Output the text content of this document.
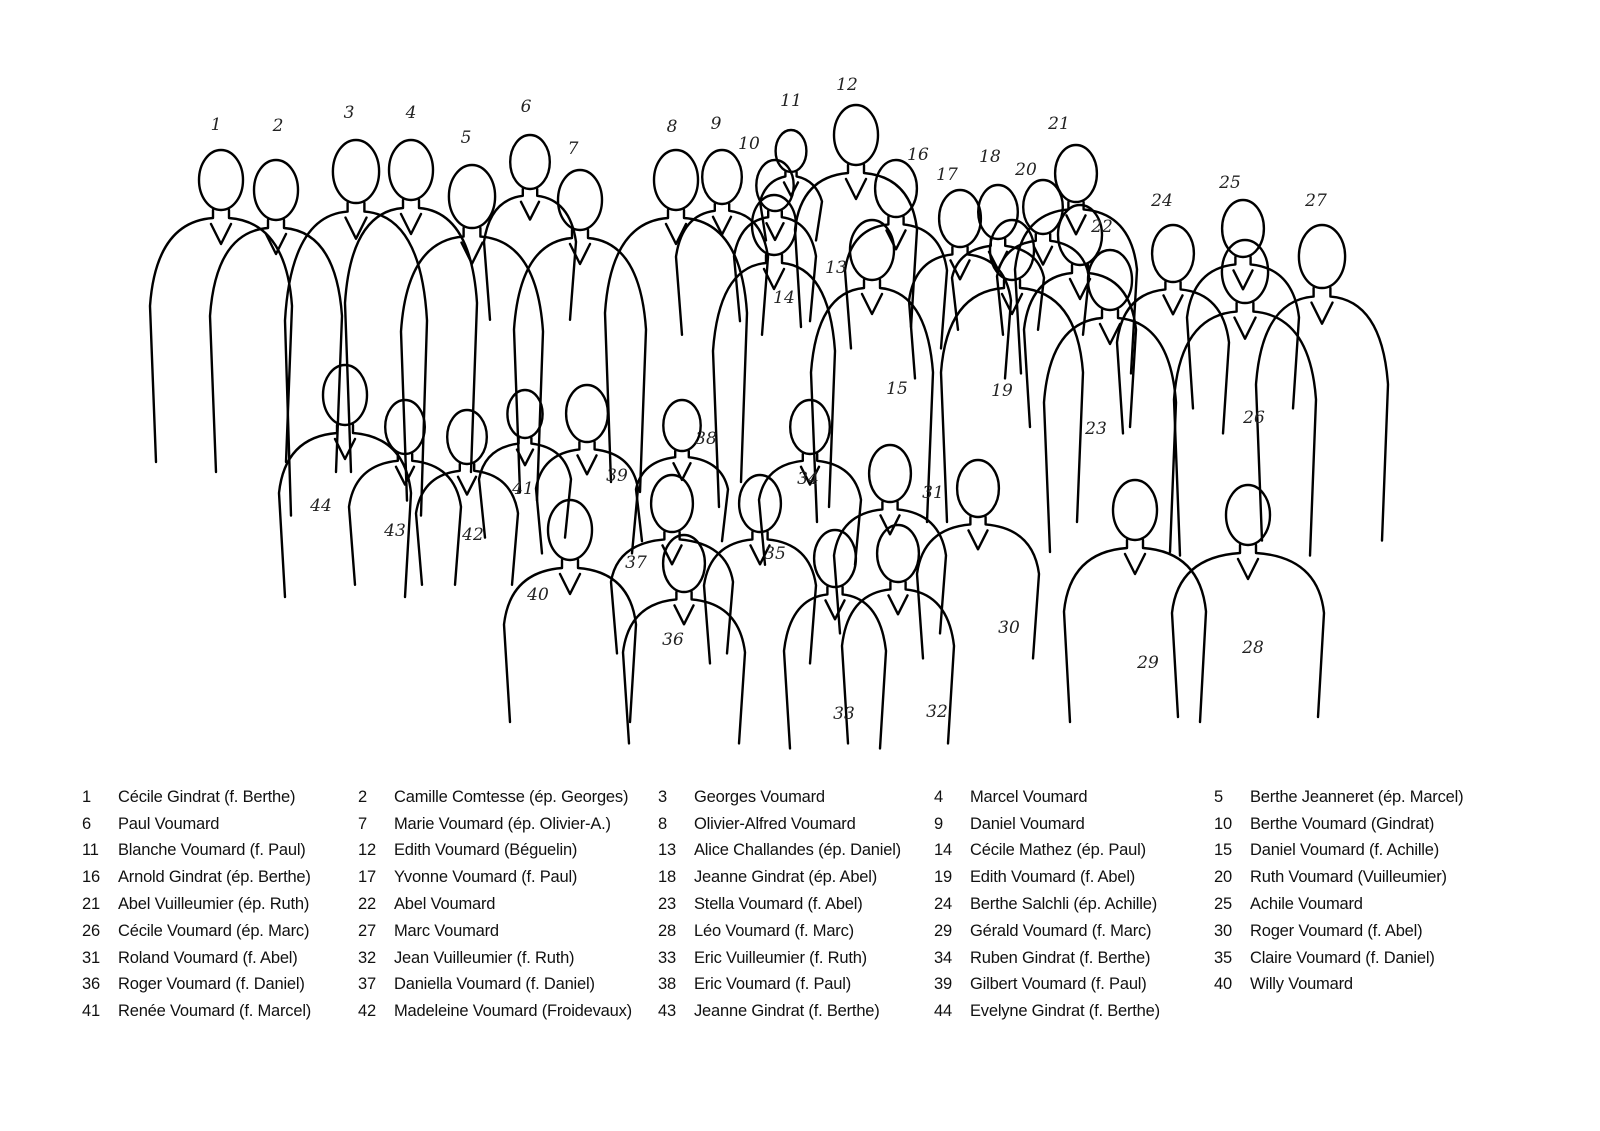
1	2
3	4
5
6
7
8 9
10
11
12
13
14
15
16
17
18
19
20
21
22
23
24
25
26
27
28
29
30
31
32
33
34
35
36
37
38
39
40
41
42
43
44
1	Cécile Gindrat (f. Berthe)	2	Camille Comtesse (ép. Georges) 3	Georges Voumard	4	Marcel Voumard	5	Berthe Jeanneret (ép. Marcel)
6	Paul Voumard	7	Marie Voumard (ép. Olivier-A.)	8	Olivier-Alfred Voumard	9	Daniel Voumard	10	Berthe Voumard (Gindrat)
11	Blanche Voumard (f. Paul)	12	Edith Voumard (Béguelin)	13	Alice Challandes (ép. Daniel) 14	Cécile Mathez (ép. Paul)	15	Daniel Voumard (f. Achille)
16	Arnold Gindrat (ép. Berthe)	17	Yvonne Voumard (f. Paul)	18	Jeanne Gindrat (ép. Abel)	19	Edith Voumard (f. Abel)	20	Ruth Voumard (Vuilleumier)
21	Abel Vuilleumier (ép. Ruth)	22	Abel Voumard	23	Stella Voumard (f. Abel)	24	Berthe Salchli (ép. Achille)	25	Achile Voumard
26	Cécile Voumard (ép. Marc)	27	Marc Voumard	28	Léo Voumard (f. Marc)	29	Gérald Voumard (f. Marc)	30	Roger Voumard (f. Abel)
31	Roland Voumard (f. Abel)	32	Jean Vuilleumier (f. Ruth)	33	Eric Vuilleumier (f. Ruth)	34	Ruben Gindrat (f. Berthe)	35	Claire Voumard (f. Daniel)
36	Roger Voumard (f. Daniel)	37	Daniella Voumard (f. Daniel)	38	Eric Voumard (f. Paul)	39	Gilbert Voumard (f. Paul)	40	Willy Voumard
41	Renée Voumard (f. Marcel)	42	Madeleine Voumard (Froidevaux) 43	Jeanne Gindrat (f. Berthe)	44	Evelyne Gindrat (f. Berthe)
